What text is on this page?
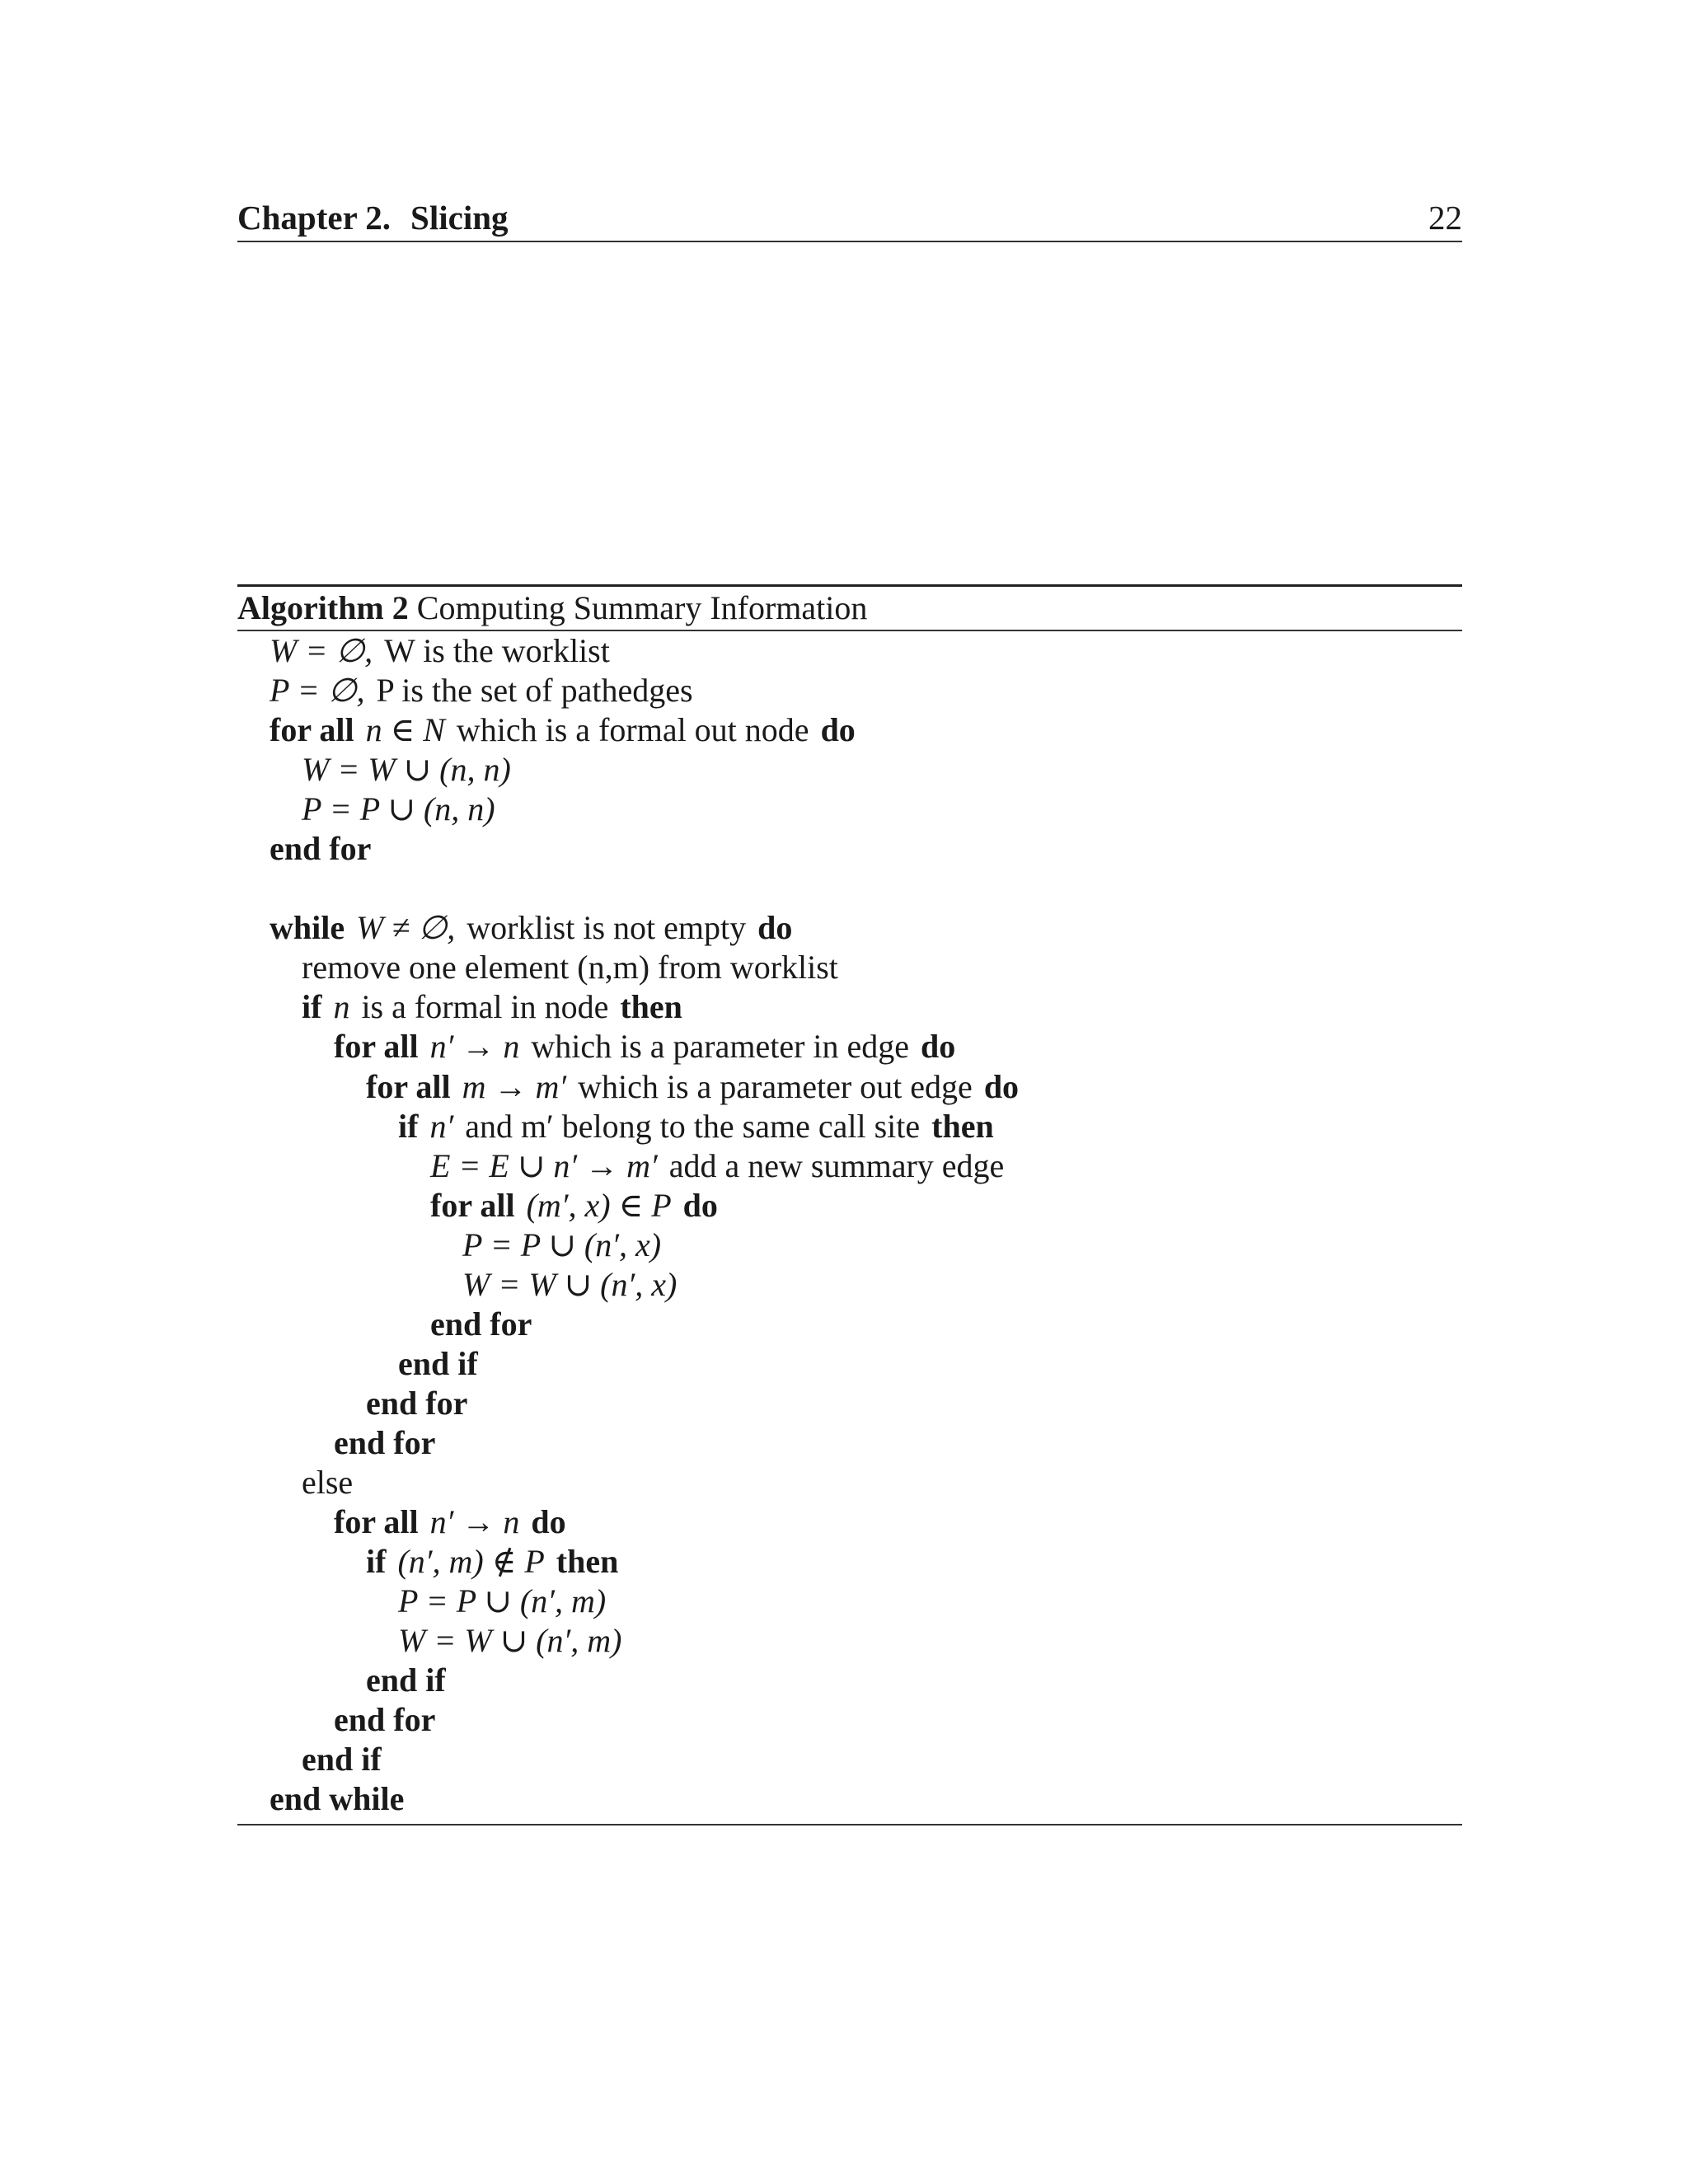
Chapter 2. Slicing	22
Algorithm 2 Computing Summary Information
W = ∅, W is the worklist
P = ∅, P is the set of pathedges
for all n ∈ N which is a formal out node do
W = W ∪ (n, n)
P = P ∪ (n, n)
end for
while W ≠ ∅, worklist is not empty do
remove one element (n,m) from worklist
if n is a formal in node then
for all n′ → n which is a parameter in edge do
for all m → m′ which is a parameter out edge do
if n′ and m′ belong to the same call site then
E = E ∪ n′ → m′ add a new summary edge
for all (m′, x) ∈ P do
P = P ∪ (n′, x)
W = W ∪ (n′, x)
end for
end if
end for
end for
else
for all n′ → n do
if (n′, m) ∉ P then
P = P ∪ (n′, m)
W = W ∪ (n′, m)
end if
end for
end if
end while
